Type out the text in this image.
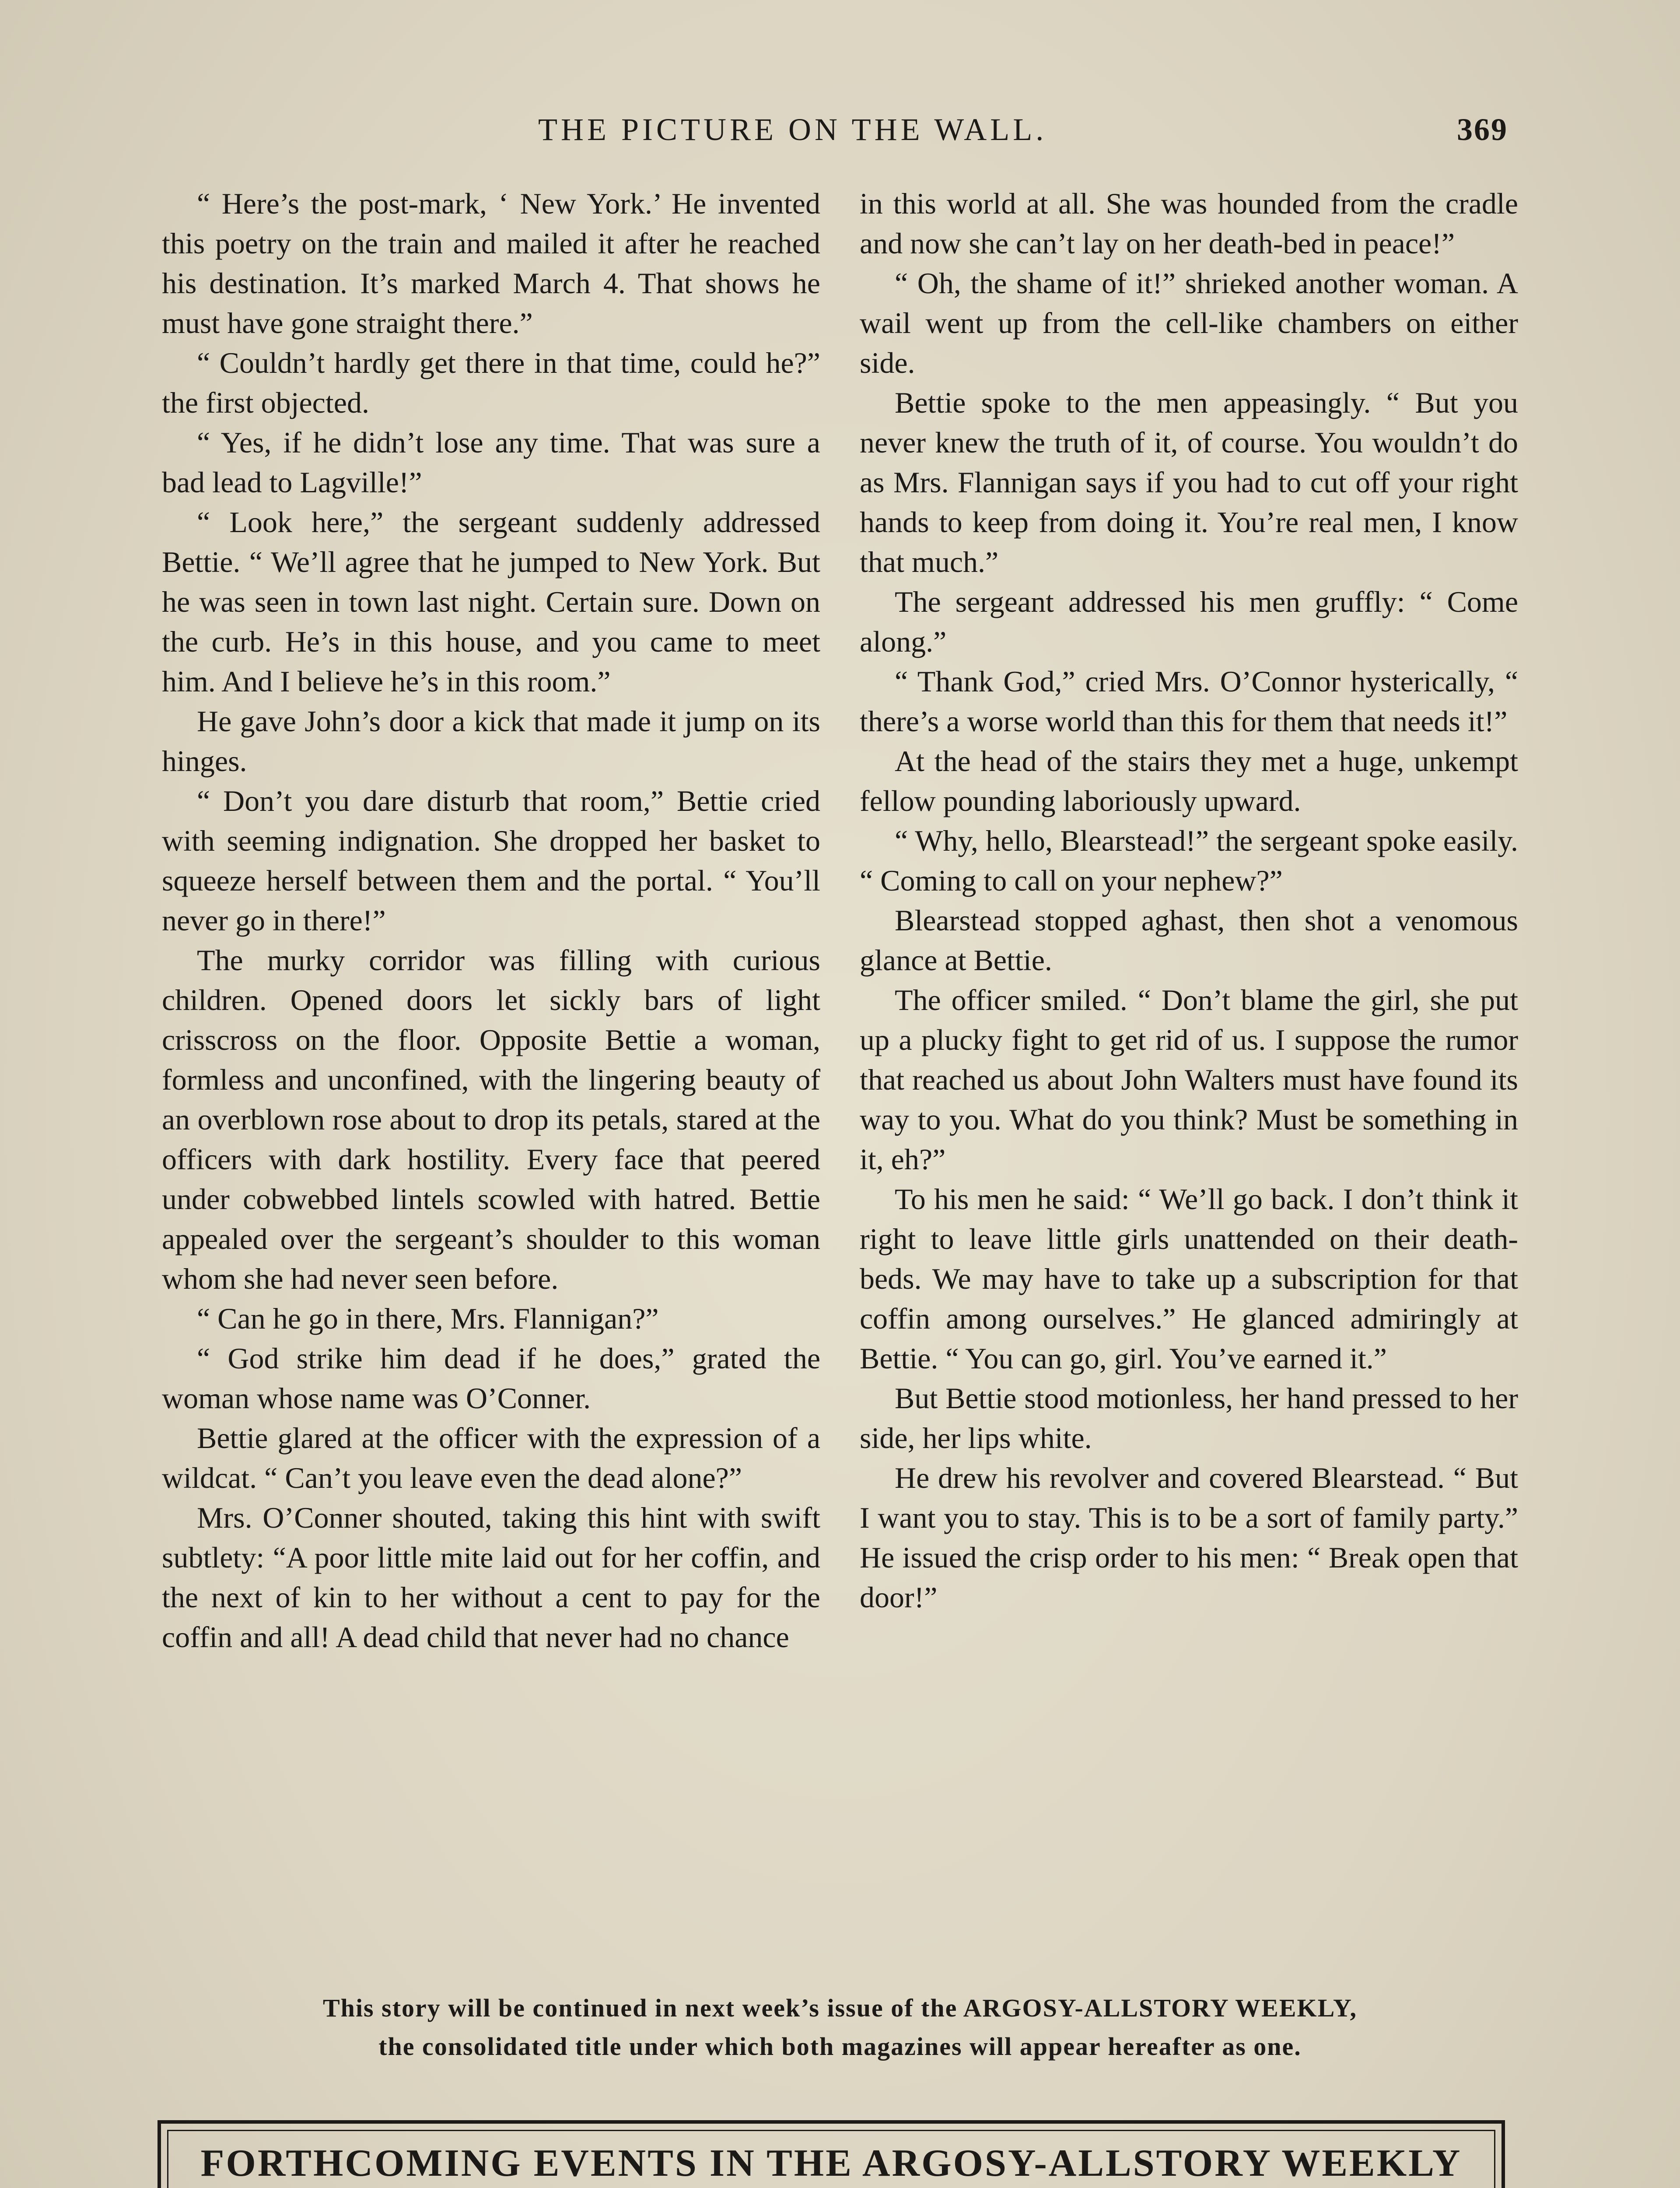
THE PICTURE ON THE WALL.	369

“ Here’s the post-mark, ‘ New York.’ He invented this poetry on the train and mailed it after he reached his destination. It’s marked March 4. That shows he must have gone straight there.”

“ Couldn’t hardly get there in that time, could he?” the first objected.

“ Yes, if he didn’t lose any time. That was sure a bad lead to Lagville!”

“ Look here,” the sergeant suddenly addressed Bettie. “ We’ll agree that he jumped to New York. But he was seen in town last night. Certain sure. Down on the curb. He’s in this house, and you came to meet him. And I believe he’s in this room.”

He gave John’s door a kick that made it jump on its hinges.

“ Don’t you dare disturb that room,” Bettie cried with seeming indignation. She dropped her basket to squeeze herself between them and the portal. “ You’ll never go in there!”

The murky corridor was filling with curious children. Opened doors let sickly bars of light crisscross on the floor. Opposite Bettie a woman, formless and unconfined, with the lingering beauty of an overblown rose about to drop its petals, stared at the officers with dark hostility. Every face that peered under cobwebbed lintels scowled with hatred. Bettie appealed over the sergeant’s shoulder to this woman whom she had never seen before.

“ Can he go in there, Mrs. Flannigan?”

“ God strike him dead if he does,” grated the woman whose name was O’Conner.

Bettie glared at the officer with the expression of a wildcat. “ Can’t you leave even the dead alone?”

Mrs. O’Conner shouted, taking this hint with swift subtlety: “A poor little mite laid out for her coffin, and the next of kin to her without a cent to pay for the coffin and all! A dead child that never had no chance

in this world at all. She was hounded from the cradle and now she can’t lay on her death-bed in peace!”

“ Oh, the shame of it!” shrieked another woman. A wail went up from the cell-like chambers on either side.

Bettie spoke to the men appeasingly. “ But you never knew the truth of it, of course. You wouldn’t do as Mrs. Flannigan says if you had to cut off your right hands to keep from doing it. You’re real men, I know that much.”

The sergeant addressed his men gruffly: “ Come along.”

“ Thank God,” cried Mrs. O’Connor hysterically, “ there’s a worse world than this for them that needs it!”

At the head of the stairs they met a huge, unkempt fellow pounding laboriously upward.

“ Why, hello, Blearstead!” the sergeant spoke easily. “ Coming to call on your nephew?”

Blearstead stopped aghast, then shot a venomous glance at Bettie.

The officer smiled. “ Don’t blame the girl, she put up a plucky fight to get rid of us. I suppose the rumor that reached us about John Walters must have found its way to you. What do you think? Must be something in it, eh?”

To his men he said: “ We’ll go back. I don’t think it right to leave little girls unattended on their death-beds. We may have to take up a subscription for that coffin among ourselves.” He glanced admiringly at Bettie. “ You can go, girl. You’ve earned it.”

But Bettie stood motionless, her hand pressed to her side, her lips white.

He drew his revolver and covered Blearstead. “ But I want you to stay. This is to be a sort of family party.” He issued the crisp order to his men: “ Break open that door!”

This story will be continued in next week’s issue of the ARGOSY-ALLSTORY WEEKLY,
the consolidated title under which both magazines will appear hereafter as one.
FORTHCOMING EVENTS IN THE ARGOSY-ALLSTORY WEEKLY
